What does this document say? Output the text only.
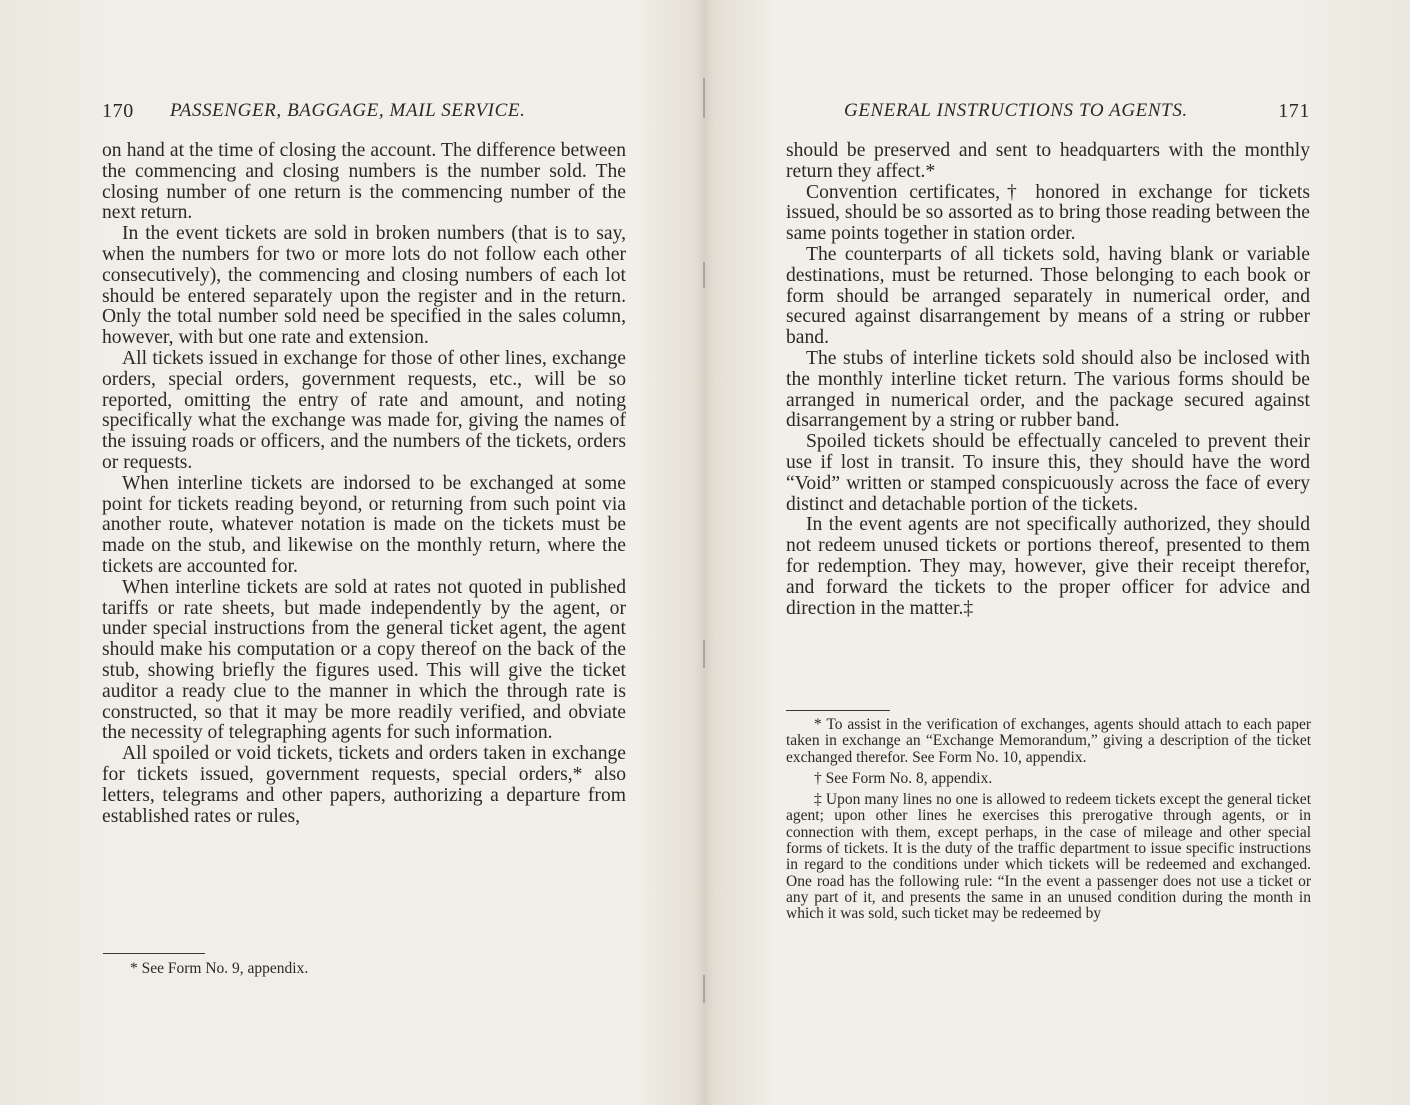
170 PASSENGER, BAGGAGE, MAIL SERVICE.

on hand at the time of closing the account. The difference between the commencing and closing numbers is the number sold. The closing number of one return is the commencing number of the next return.

In the event tickets are sold in broken numbers (that is to say, when the numbers for two or more lots do not follow each other consecutively), the commencing and closing numbers of each lot should be entered separately upon the register and in the return. Only the total number sold need be specified in the sales column, however, with but one rate and extension.

All tickets issued in exchange for those of other lines, exchange orders, special orders, government requests, etc., will be so reported, omitting the entry of rate and amount, and noting specifically what the exchange was made for, giving the names of the issuing roads or officers, and the numbers of the tickets, orders or requests.

When interline tickets are indorsed to be exchanged at some point for tickets reading beyond, or returning from such point via another route, whatever notation is made on the tickets must be made on the stub, and likewise on the monthly return, where the tickets are accounted for.

When interline tickets are sold at rates not quoted in published tariffs or rate sheets, but made independently by the agent, or under special instructions from the general ticket agent, the agent should make his computation or a copy thereof on the back of the stub, showing briefly the figures used. This will give the ticket auditor a ready clue to the manner in which the through rate is constructed, so that it may be more readily verified, and obviate the necessity of telegraphing agents for such information.

All spoiled or void tickets, tickets and orders taken in exchange for tickets issued, government requests, special orders,* also letters, telegrams and other papers, authorizing a departure from established rates or rules,

* See Form No. 9, appendix.

GENERAL INSTRUCTIONS TO AGENTS.	171

should be preserved and sent to headquarters with the monthly return they affect.*

Convention certificates,† honored in exchange for tickets issued, should be so assorted as to bring those reading between the same points together in station order.

The counterparts of all tickets sold, having blank or variable destinations, must be returned. Those belonging to each book or form should be arranged separately in numerical order, and secured against disarrangement by means of a string or rubber band.

The stubs of interline tickets sold should also be inclosed with the monthly interline ticket return. The various forms should be arranged in numerical order, and the package secured against disarrangement by a string or rubber band.

Spoiled tickets should be effectually canceled to prevent their use if lost in transit. To insure this, they should have the word “Void” written or stamped conspicuously across the face of every distinct and detachable portion of the tickets.

In the event agents are not specifically authorized, they should not redeem unused tickets or portions thereof, presented to them for redemption. They may, however, give their receipt therefor, and forward the tickets to the proper officer for advice and direction in the matter.‡

* To assist in the verification of exchanges, agents should attach to each paper taken in exchange an “Exchange Memorandum,” giving a description of the ticket exchanged therefor. See Form No. 10, appendix.

† See Form No. 8, appendix.

‡ Upon many lines no one is allowed to redeem tickets except the general ticket agent; upon other lines he exercises this prerogative through agents, or in connection with them, except perhaps, in the case of mileage and other special forms of tickets. It is the duty of the traffic department to issue specific instructions in regard to the conditions under which tickets will be redeemed and exchanged. One road has the following rule: “In the event a passenger does not use a ticket or any part of it, and presents the same in an unused condition during the month in which it was sold, such ticket may be redeemed by
